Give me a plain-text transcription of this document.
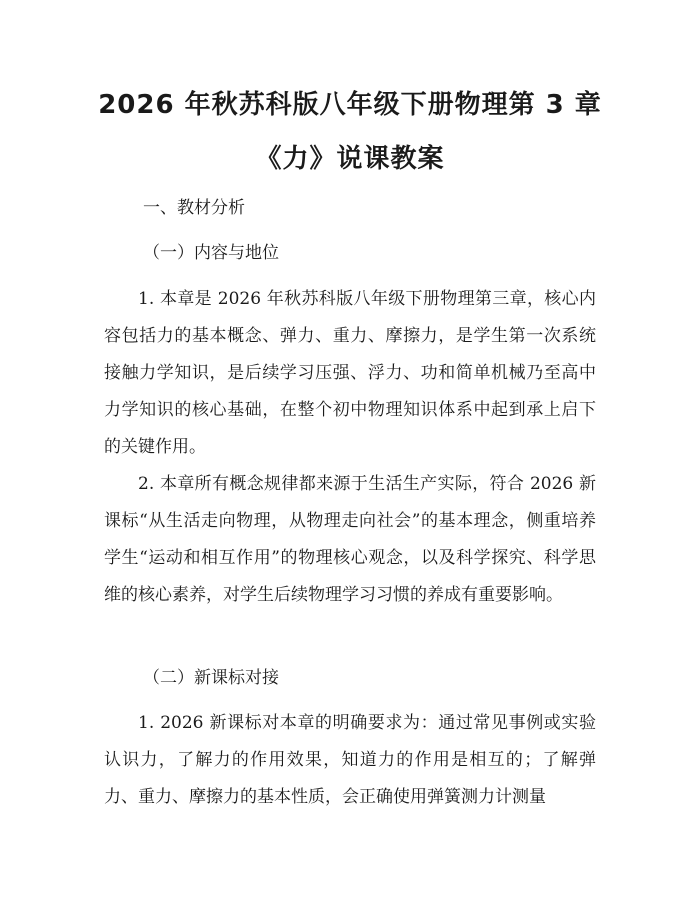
2026 年秋苏科版八年级下册物理第 3 章
《力》说课教案
一、教材分析
（一）内容与地位
1. 本章是 2026 年秋苏科版八年级下册物理第三章，核心内容包括力的基本概念、弹力、重力、摩擦力，是学生第一次系统接触力学知识，是后续学习压强、浮力、功和简单机械乃至高中力学知识的核心基础，在整个初中物理知识体系中起到承上启下的关键作用。
2. 本章所有概念规律都来源于生活生产实际，符合 2026 新课标“从生活走向物理，从物理走向社会”的基本理念，侧重培养学生“运动和相互作用”的物理核心观念，以及科学探究、科学思维的核心素养，对学生后续物理学习习惯的养成有重要影响。
（二）新课标对接
1. 2026 新课标对本章的明确要求为：通过常见事例或实验认识力，了解力的作用效果，知道力的作用是相互的；了解弹力、重力、摩擦力的基本性质，会正确使用弹簧测力计测量
